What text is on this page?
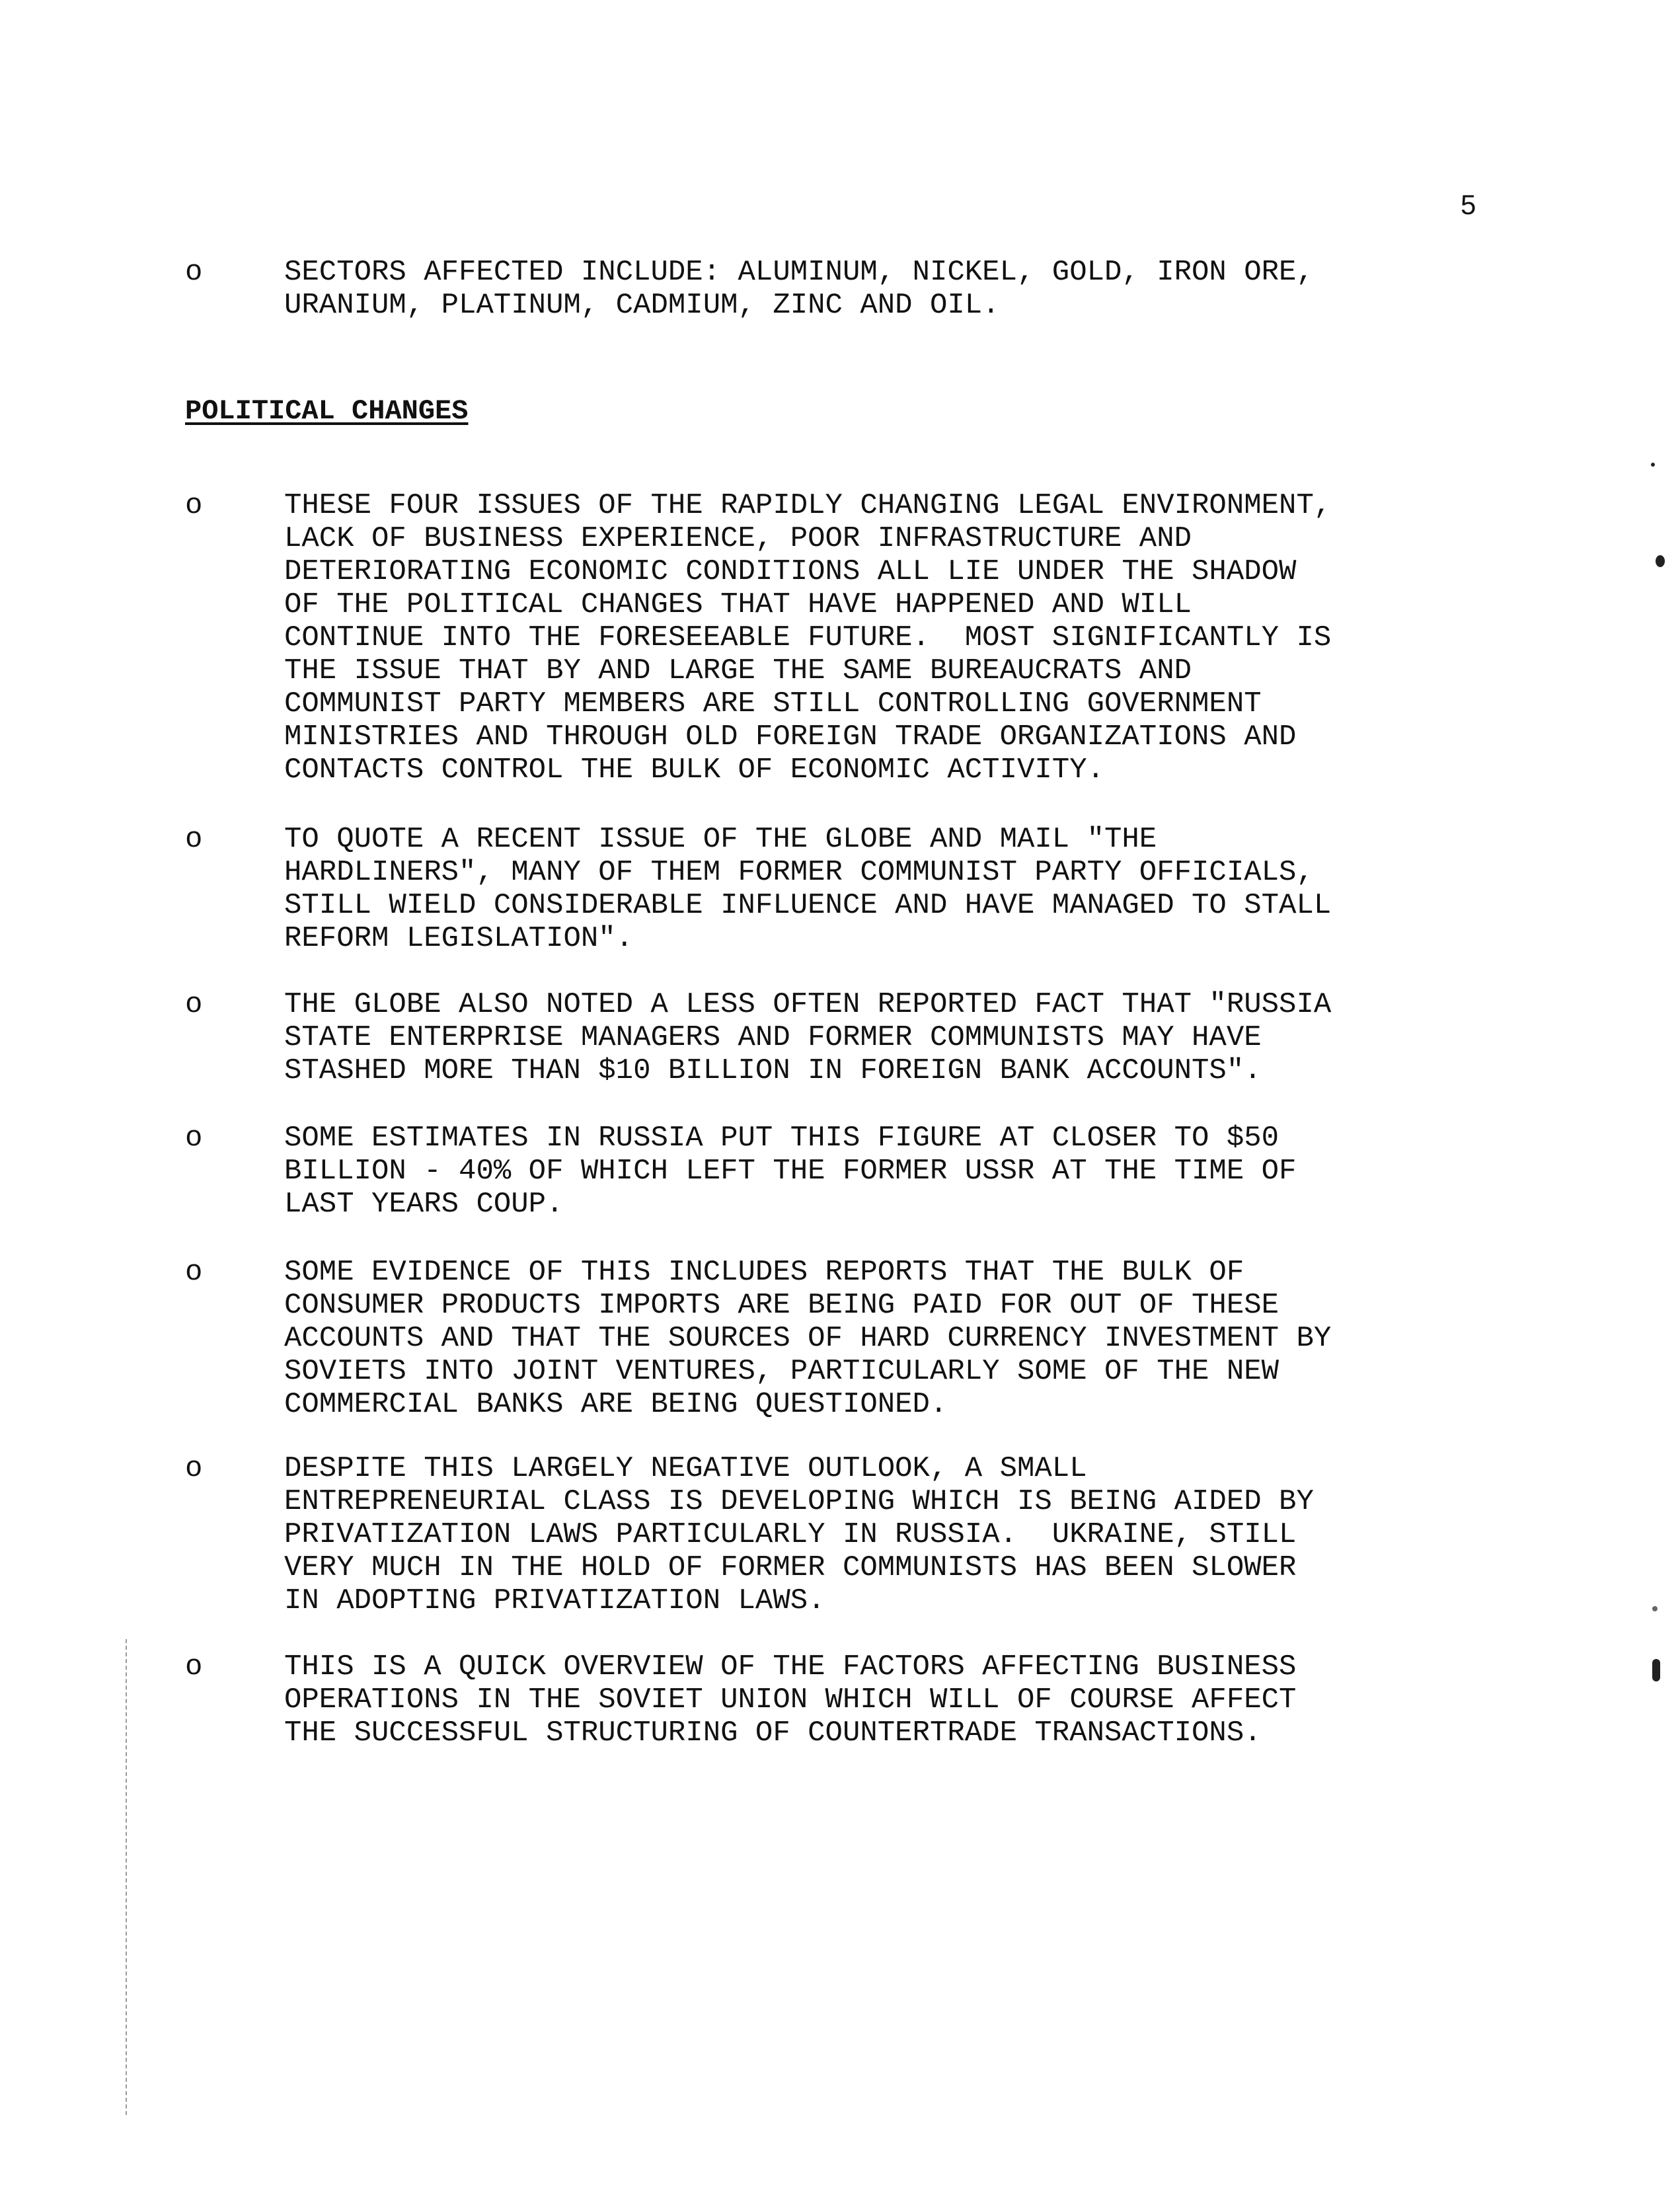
5
o	SECTORS AFFECTED INCLUDE: ALUMINUM, NICKEL, GOLD, IRON ORE,
URANIUM, PLATINUM, CADMIUM, ZINC AND OIL.
POLITICAL CHANGES
o	THESE FOUR ISSUES OF THE RAPIDLY CHANGING LEGAL ENVIRONMENT,
LACK OF BUSINESS EXPERIENCE, POOR INFRASTRUCTURE AND
DETERIORATING ECONOMIC CONDITIONS ALL LIE UNDER THE SHADOW
OF THE POLITICAL CHANGES THAT HAVE HAPPENED AND WILL
CONTINUE INTO THE FORESEEABLE FUTURE.  MOST SIGNIFICANTLY IS
THE ISSUE THAT BY AND LARGE THE SAME BUREAUCRATS AND
COMMUNIST PARTY MEMBERS ARE STILL CONTROLLING GOVERNMENT
MINISTRIES AND THROUGH OLD FOREIGN TRADE ORGANIZATIONS AND
CONTACTS CONTROL THE BULK OF ECONOMIC ACTIVITY.
o	TO QUOTE A RECENT ISSUE OF THE GLOBE AND MAIL "THE
HARDLINERS", MANY OF THEM FORMER COMMUNIST PARTY OFFICIALS,
STILL WIELD CONSIDERABLE INFLUENCE AND HAVE MANAGED TO STALL
REFORM LEGISLATION".
o	THE GLOBE ALSO NOTED A LESS OFTEN REPORTED FACT THAT "RUSSIA
STATE ENTERPRISE MANAGERS AND FORMER COMMUNISTS MAY HAVE
STASHED MORE THAN $10 BILLION IN FOREIGN BANK ACCOUNTS".
o	SOME ESTIMATES IN RUSSIA PUT THIS FIGURE AT CLOSER TO $50
BILLION - 40% OF WHICH LEFT THE FORMER USSR AT THE TIME OF
LAST YEARS COUP.
o	SOME EVIDENCE OF THIS INCLUDES REPORTS THAT THE BULK OF
CONSUMER PRODUCTS IMPORTS ARE BEING PAID FOR OUT OF THESE
ACCOUNTS AND THAT THE SOURCES OF HARD CURRENCY INVESTMENT BY
SOVIETS INTO JOINT VENTURES, PARTICULARLY SOME OF THE NEW
COMMERCIAL BANKS ARE BEING QUESTIONED.
o	DESPITE THIS LARGELY NEGATIVE OUTLOOK, A SMALL
ENTREPRENEURIAL CLASS IS DEVELOPING WHICH IS BEING AIDED BY
PRIVATIZATION LAWS PARTICULARLY IN RUSSIA.  UKRAINE, STILL
VERY MUCH IN THE HOLD OF FORMER COMMUNISTS HAS BEEN SLOWER
IN ADOPTING PRIVATIZATION LAWS.
o	THIS IS A QUICK OVERVIEW OF THE FACTORS AFFECTING BUSINESS
OPERATIONS IN THE SOVIET UNION WHICH WILL OF COURSE AFFECT
THE SUCCESSFUL STRUCTURING OF COUNTERTRADE TRANSACTIONS.
